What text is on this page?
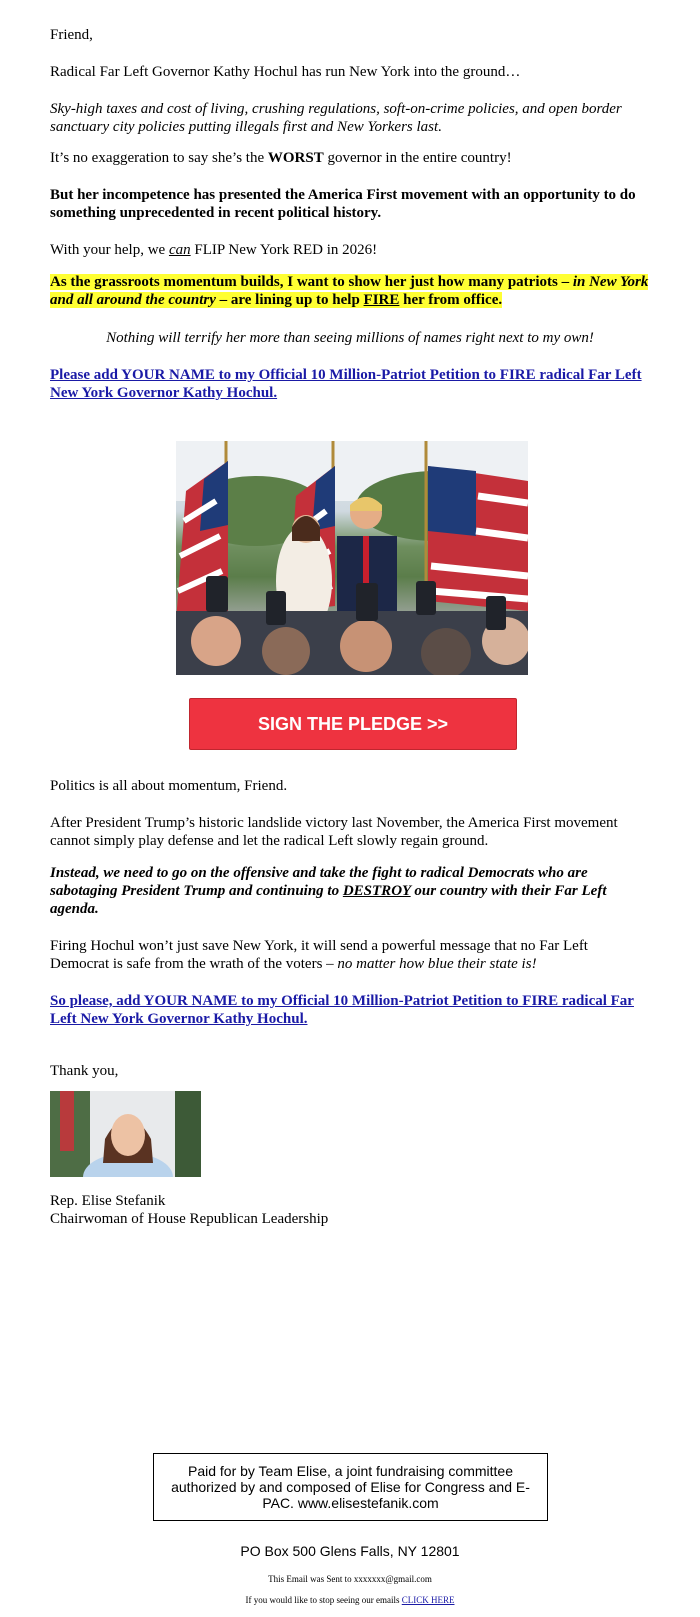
Friend,

Radical Far Left Governor Kathy Hochul has run New York into the ground…

Sky-high taxes and cost of living, crushing regulations, soft-on-crime policies, and open border sanctuary city policies putting illegals first and New Yorkers last.

It’s no exaggeration to say she’s the WORST governor in the entire country!

But her incompetence has presented the America First movement with an opportunity to do something unprecedented in recent political history.

With your help, we can FLIP New York RED in 2026!

As the grassroots momentum builds, I want to show her just how many patriots – in New York and all around the country – are lining up to help FIRE her from office.

Nothing will terrify her more than seeing millions of names right next to my own!

Please add YOUR NAME to my Official 10 Million-Patriot Petition to FIRE radical Far Left New York Governor Kathy Hochul.
SIGN THE PLEDGE >>

Politics is all about momentum, Friend.

After President Trump’s historic landslide victory last November, the America First movement cannot simply play defense and let the radical Left slowly regain ground.

Instead, we need to go on the offensive and take the fight to radical Democrats who are sabotaging President Trump and continuing to DESTROY our country with their Far Left agenda.

Firing Hochul won’t just save New York, it will send a powerful message that no Far Left Democrat is safe from the wrath of the voters – no matter how blue their state is!

So please, add YOUR NAME to my Official 10 Million-Patriot Petition to FIRE radical Far Left New York Governor Kathy Hochul.
Thank you,
Rep. Elise Stefanik
Chairwoman of House Republican Leadership
Paid for by Team Elise, a joint fundraising committee authorized by and composed of Elise for Congress and E-PAC. www.elisestefanik.com
PO Box 500 Glens Falls, NY 12801
This Email was Sent to xxxxxxx@gmail.com
If you would like to stop seeing our emails CLICK HERE
